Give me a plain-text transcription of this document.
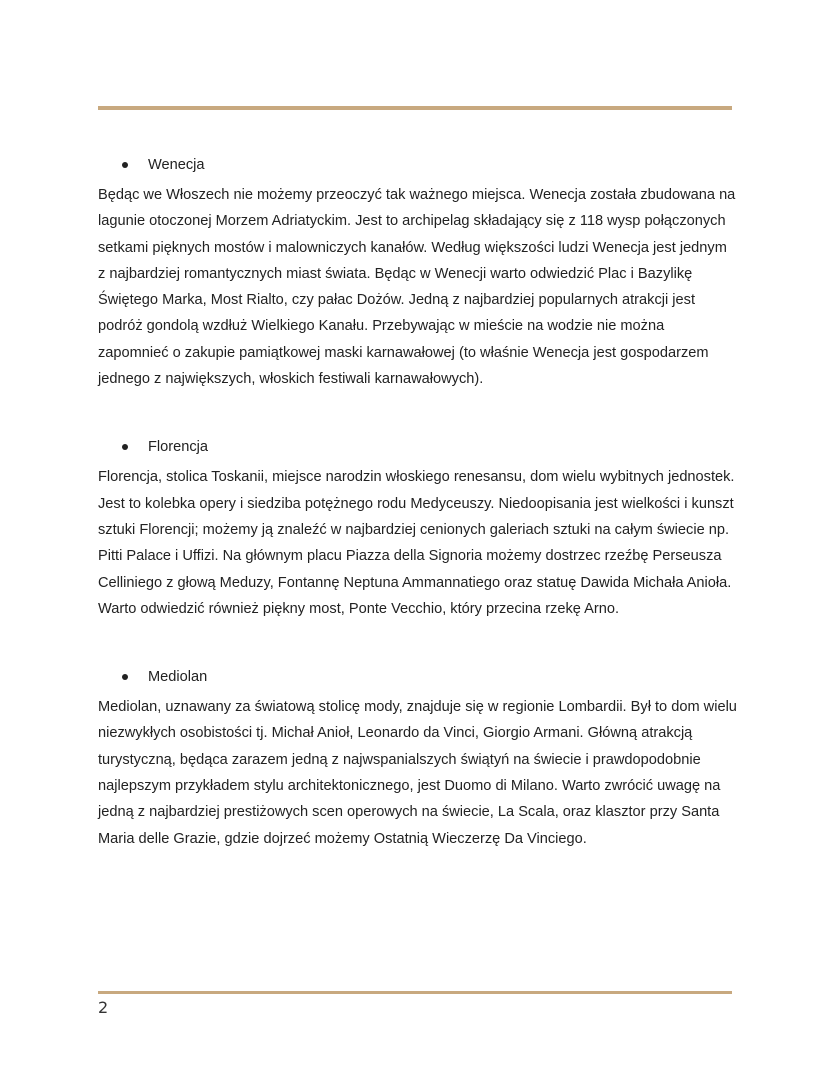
Wenecja

Będąc we Włoszech nie możemy przeoczyć tak ważnego miejsca. Wenecja została zbudowana na lagunie otoczonej Morzem Adriatyckim. Jest to archipelag składający się z 118 wysp połączonych setkami pięknych mostów i malowniczych kanałów. Według większości ludzi Wenecja jest jednym z najbardziej romantycznych miast świata. Będąc w Wenecji warto odwiedzić Plac i Bazylikę Świętego Marka, Most Rialto, czy pałac Dożów. Jedną z najbardziej popularnych atrakcji jest podróż gondolą wzdłuż Wielkiego Kanału. Przebywając w mieście na wodzie nie można zapomnieć o zakupie pamiątkowej maski karnawałowej (to właśnie Wenecja jest gospodarzem jednego z największych, włoskich festiwali karnawałowych).

Florencja

Florencja, stolica Toskanii, miejsce narodzin włoskiego renesansu, dom wielu wybitnych jednostek. Jest to kolebka opery i siedziba potężnego rodu Medyceuszy. Niedoopisania jest wielkości i kunszt sztuki Florencji; możemy ją znaleźć w najbardziej cenionych galeriach sztuki na całym świecie np. Pitti Palace i Uffizi. Na głównym placu Piazza della Signoria możemy dostrzec rzeźbę Perseusza Celliniego z głową Meduzy, Fontannę Neptuna Ammannatiego oraz statuę Dawida Michała Anioła. Warto odwiedzić również piękny most, Ponte Vecchio, który przecina rzekę Arno.

Mediolan

Mediolan, uznawany za światową stolicę mody, znajduje się w regionie Lombardii. Był to dom wielu niezwykłych osobistości tj. Michał Anioł, Leonardo da Vinci, Giorgio Armani. Główną atrakcją turystyczną, będąca zarazem jedną z najwspanialszych świątyń na świecie i prawdopodobnie najlepszym przykładem stylu architektonicznego, jest Duomo di Milano. Warto zwrócić uwagę na jedną z najbardziej prestiżowych scen operowych na świecie, La Scala, oraz klasztor przy Santa Maria delle Grazie, gdzie dojrzeć możemy Ostatnią Wieczerzę Da Vinciego.

2
